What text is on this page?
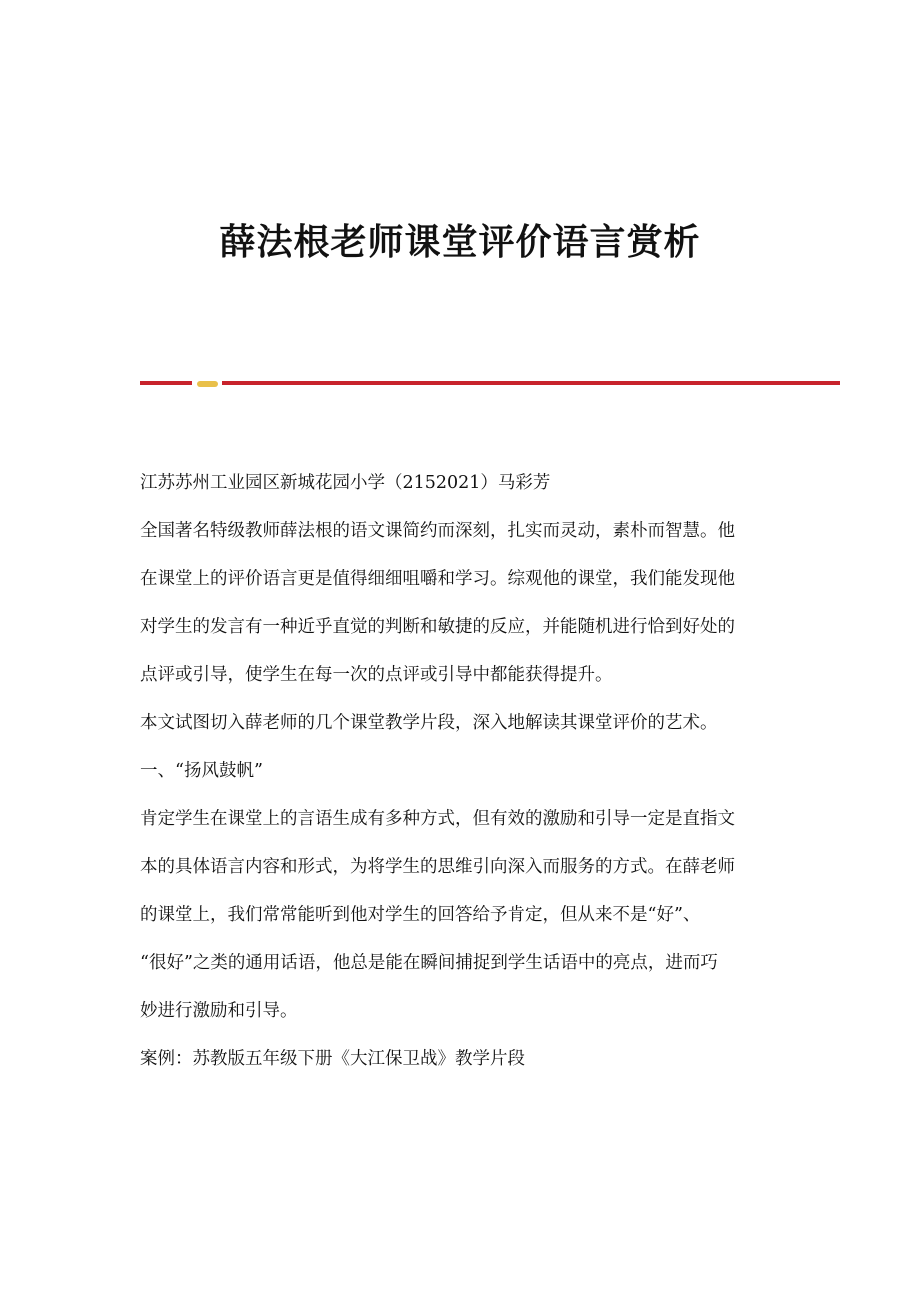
薛法根老师课堂评价语言赏析
江苏苏州工业园区新城花园小学（2152021）马彩芳
全国著名特级教师薛法根的语文课简约而深刻，扎实而灵动，素朴而智慧。他
在课堂上的评价语言更是值得细细咀嚼和学习。综观他的课堂，我们能发现他
对学生的发言有一种近乎直觉的判断和敏捷的反应，并能随机进行恰到好处的
点评或引导，使学生在每一次的点评或引导中都能获得提升。
本文试图切入薛老师的几个课堂教学片段，深入地解读其课堂评价的艺术。
一、“扬风鼓帆”
肯定学生在课堂上的言语生成有多种方式，但有效的激励和引导一定是直指文
本的具体语言内容和形式，为将学生的思维引向深入而服务的方式。在薛老师
的课堂上，我们常常能听到他对学生的回答给予肯定，但从来不是“好”、
“很好”之类的通用话语，他总是能在瞬间捕捉到学生话语中的亮点，进而巧
妙进行激励和引导。
案例：苏教版五年级下册《大江保卫战》教学片段
